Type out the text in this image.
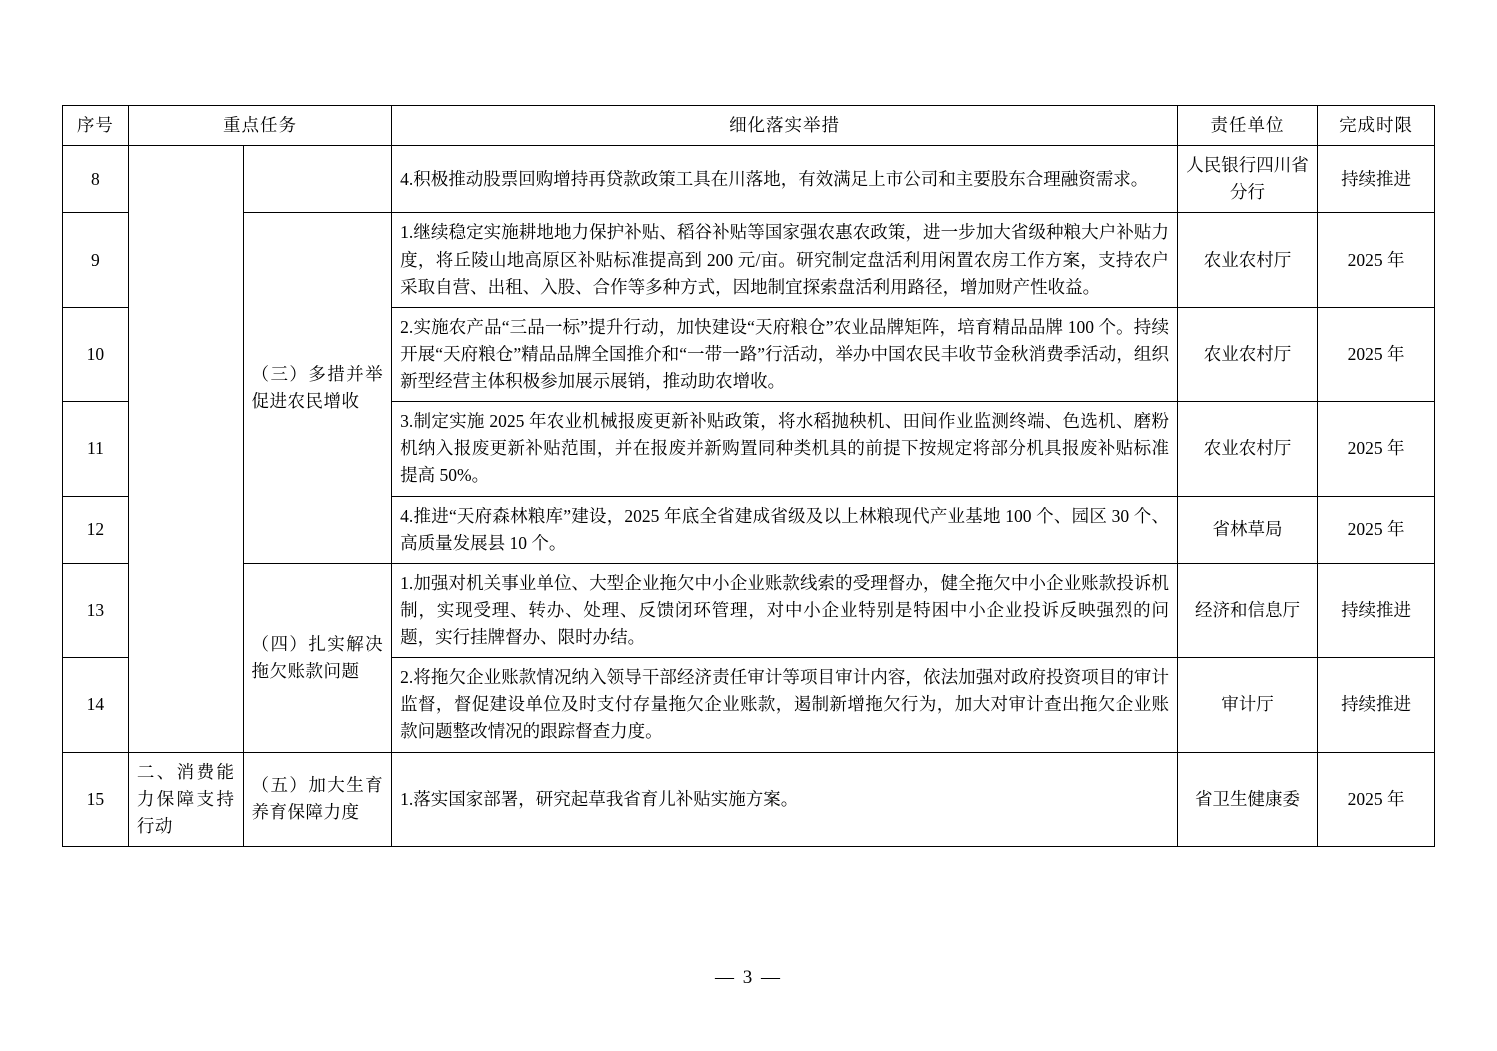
序号	重点任务		细化落实举措	责任单位	完成时限
8			4.积极推动股票回购增持再贷款政策工具在川落地，有效满足上市公司和主要股东合理融资需求。	人民银行四川省分行	持续推进
9		（三）多措并举促进农民增收	1.继续稳定实施耕地地力保护补贴、稻谷补贴等国家强农惠农政策，进一步加大省级种粮大户补贴力度，将丘陵山地高原区补贴标准提高到 200 元/亩。研究制定盘活利用闲置农房工作方案，支持农户采取自营、出租、入股、合作等多种方式，因地制宜探索盘活利用路径，增加财产性收益。	农业农村厅	2025 年
10			2.实施农产品“三品一标”提升行动，加快建设“天府粮仓”农业品牌矩阵，培育精品品牌 100 个。持续开展“天府粮仓”精品品牌全国推介和“一带一路”行活动，举办中国农民丰收节金秋消费季活动，组织新型经营主体积极参加展示展销，推动助农增收。	农业农村厅	2025 年
11			3.制定实施 2025 年农业机械报废更新补贴政策，将水稻抛秧机、田间作业监测终端、色选机、磨粉机纳入报废更新补贴范围，并在报废并新购置同种类机具的前提下按规定将部分机具报废补贴标准提高 50%。	农业农村厅	2025 年
12			4.推进“天府森林粮库”建设，2025 年底全省建成省级及以上林粮现代产业基地 100 个、园区 30 个、高质量发展县 10 个。	省林草局	2025 年
13		（四）扎实解决拖欠账款问题	1.加强对机关事业单位、大型企业拖欠中小企业账款线索的受理督办，健全拖欠中小企业账款投诉机制，实现受理、转办、处理、反馈闭环管理，对中小企业特别是特困中小企业投诉反映强烈的问题，实行挂牌督办、限时办结。	经济和信息厅	持续推进
14			2.将拖欠企业账款情况纳入领导干部经济责任审计等项目审计内容，依法加强对政府投资项目的审计监督，督促建设单位及时支付存量拖欠企业账款，遏制新增拖欠行为，加大对审计查出拖欠企业账款问题整改情况的跟踪督查力度。	审计厅	持续推进
15	二、消费能力保障支持行动	（五）加大生育养育保障力度	1.落实国家部署，研究起草我省育儿补贴实施方案。	省卫生健康委	2025 年
— 3 —
